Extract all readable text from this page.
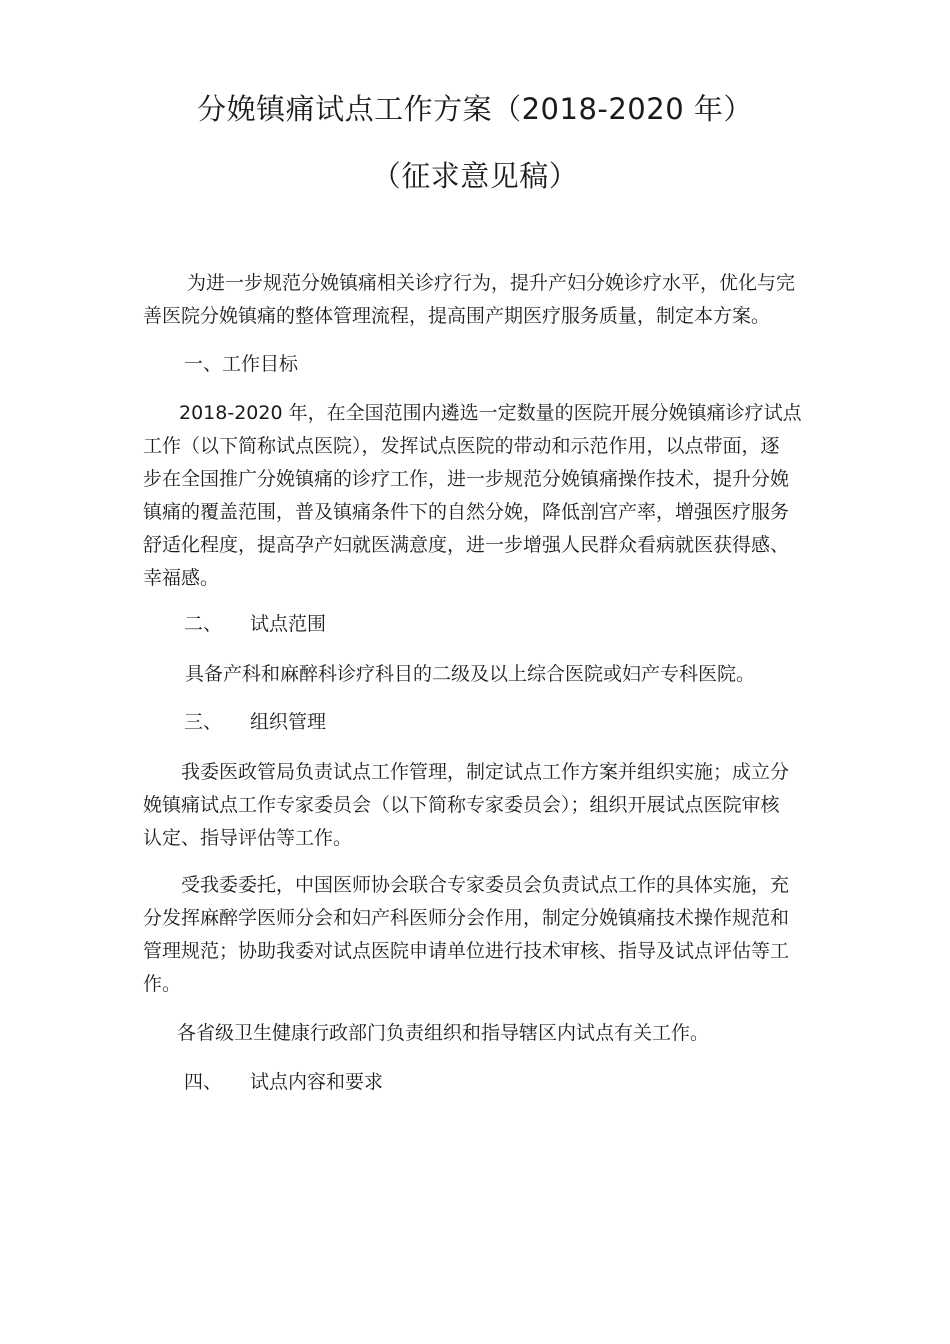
分娩镇痛试点工作方案（2018-2020 年）
（征求意见稿）
为进一步规范分娩镇痛相关诊疗行为，提升产妇分娩诊疗水平，优化与完
善医院分娩镇痛的整体管理流程，提高围产期医疗服务质量，制定本方案。
一、工作目标
2018-2020 年，在全国范围内遴选一定数量的医院开展分娩镇痛诊疗试点
工作（以下简称试点医院），发挥试点医院的带动和示范作用，以点带面，逐
步在全国推广分娩镇痛的诊疗工作，进一步规范分娩镇痛操作技术，提升分娩
镇痛的覆盖范围，普及镇痛条件下的自然分娩，降低剖宫产率，增强医疗服务
舒适化程度，提高孕产妇就医满意度，进一步增强人民群众看病就医获得感、
幸福感。
二、 试点范围
具备产科和麻醉科诊疗科目的二级及以上综合医院或妇产专科医院。
三、 组织管理
我委医政管局负责试点工作管理，制定试点工作方案并组织实施；成立分
娩镇痛试点工作专家委员会（以下简称专家委员会）；组织开展试点医院审核
认定、指导评估等工作。
受我委委托，中国医师协会联合专家委员会负责试点工作的具体实施，充
分发挥麻醉学医师分会和妇产科医师分会作用，制定分娩镇痛技术操作规范和
管理规范；协助我委对试点医院申请单位进行技术审核、指导及试点评估等工
作。
各省级卫生健康行政部门负责组织和指导辖区内试点有关工作。
四、 试点内容和要求
